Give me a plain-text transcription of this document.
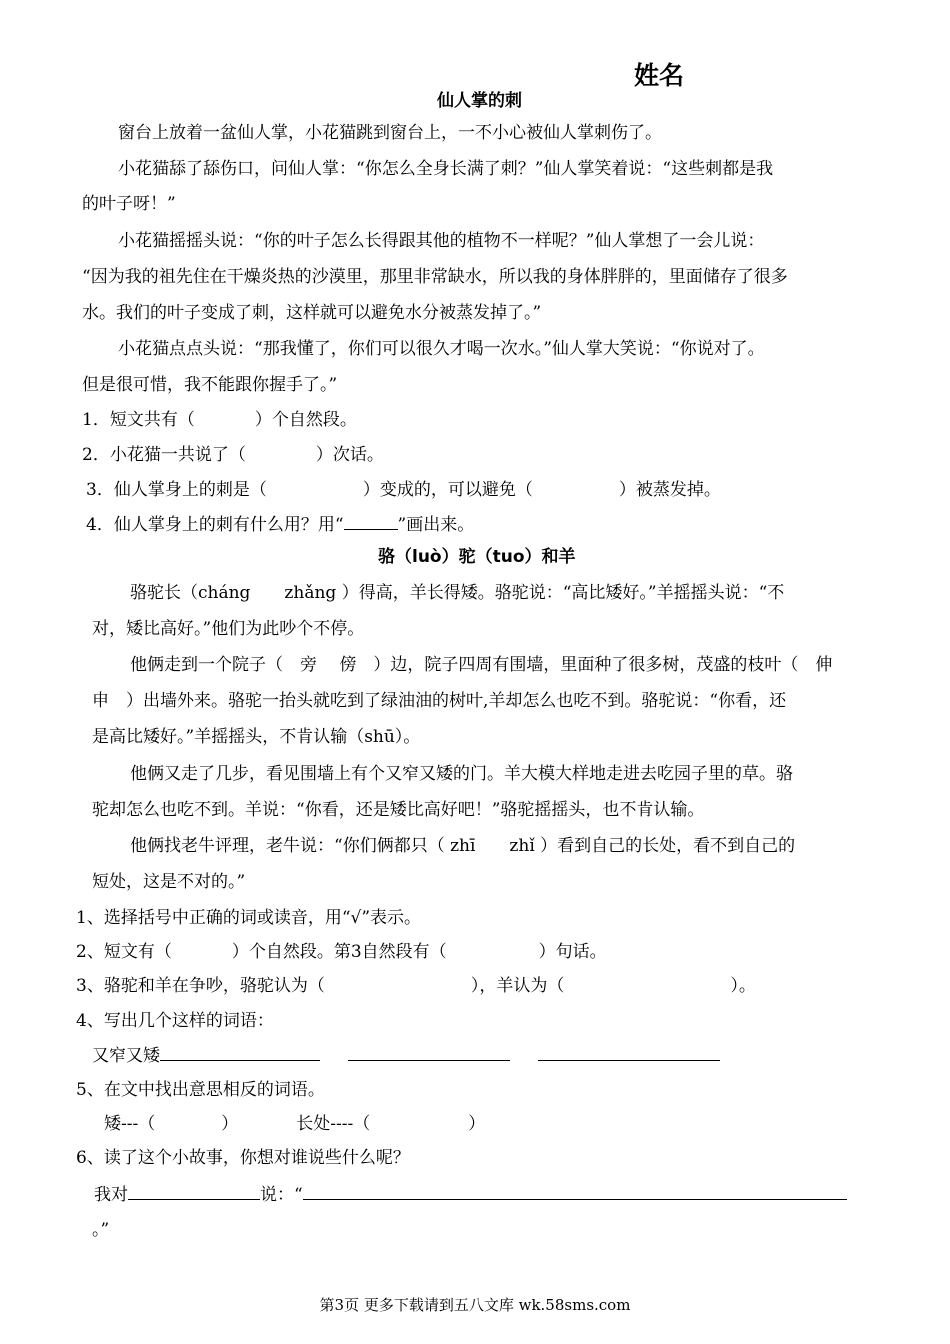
姓名
仙人掌的刺
窗台上放着一盆仙人掌，小花猫跳到窗台上，一不小心被仙人掌刺伤了。
小花猫舔了舔伤口，问仙人掌：“你怎么全身长满了刺？”仙人掌笑着说：“这些刺都是我
的叶子呀！”
小花猫摇摇头说：“你的叶子怎么长得跟其他的植物不一样呢？”仙人掌想了一会儿说：
“因为我的祖先住在干燥炎热的沙漠里，那里非常缺水，所以我的身体胖胖的，里面储存了很多
水。我们的叶子变成了刺，这样就可以避免水分被蒸发掉了。”
小花猫点点头说：“那我懂了，你们可以很久才喝一次水。”仙人掌大笑说：“你说对了。
但是很可惜，我不能跟你握手了。”
1．短文共有（	）个自然段。
2．小花猫一共说了（	）次话。
3．仙人掌身上的刺是（	）变成的，可以避免（	）被蒸发掉。
4．仙人掌身上的刺有什么用？用“	”画出来。
骆（luò）驼（tuo）和羊
骆驼长（cháng　　zhǎng ）得高，羊长得矮。骆驼说：“高比矮好。”羊摇摇头说：“不
对，矮比高好。”他们为此吵个不停。
他俩走到一个院子（　旁　 傍　）边，院子四周有围墙，里面种了很多树，茂盛的枝叶（　伸
申　）出墙外来。骆驼一抬头就吃到了绿油油的树叶,羊却怎么也吃不到。骆驼说：“你看，还
是高比矮好。”羊摇摇头，不肯认输（shū）。
他俩又走了几步，看见围墙上有个又窄又矮的门。羊大模大样地走进去吃园子里的草。骆
驼却怎么也吃不到。羊说：“你看，还是矮比高好吧！”骆驼摇摇头，也不肯认输。
他俩找老牛评理，老牛说：“你们俩都只（ zhī　　zhǐ ）看到自己的长处，看不到自己的
短处，这是不对的。”
1、选择括号中正确的词或读音，用“√”表示。
2、短文有（	）个自然段。第3自然段有（	）句话。
3、骆驼和羊在争吵，骆驼认为（	），羊认为（	）。
4、写出几个这样的词语：
又窄又矮
5、在文中找出意思相反的词语。
矮---（	）	长处----（	）
6、读了这个小故事，你想对谁说些什么呢？
我对	说：“
。”
第3页 更多下载请到五八文库 wk.58sms.com
